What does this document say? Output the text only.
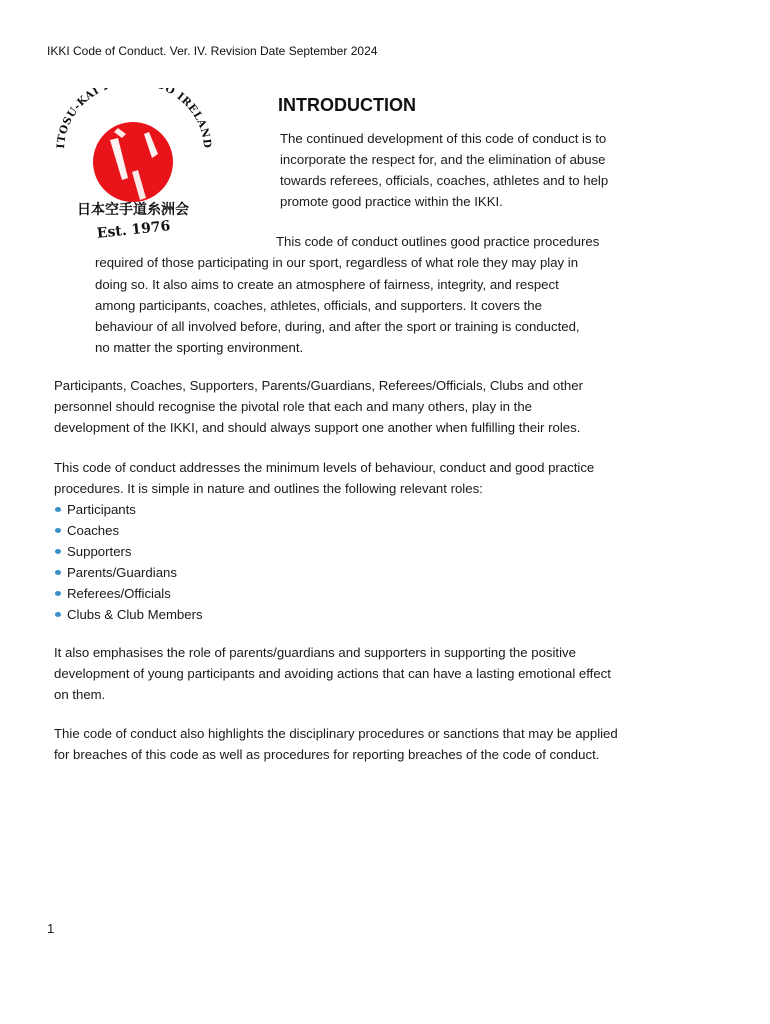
IKKI Code of Conduct. Ver. IV. Revision Date September 2024
ITOSU-KAI O IRELAND
日本空手道糸洲会
Est. 1976
INTRODUCTION
The continued development of this code of conduct is to
incorporate the respect for, and the elimination of abuse
towards referees, officials, coaches, athletes and to help
promote good practice within the IKKI.
This code of conduct outlines good practice procedures
required of those participating in our sport, regardless of what role they may play in
doing so. It also aims to create an atmosphere of fairness, integrity, and respect
among participants, coaches, athletes, officials, and supporters. It covers the
behaviour of all involved before, during, and after the sport or training is conducted,
no matter the sporting environment.
Participants, Coaches, Supporters, Parents/Guardians, Referees/Officials, Clubs and other
personnel should recognise the pivotal role that each and many others, play in the
development of the IKKI, and should always support one another when fulfilling their roles.
This code of conduct addresses the minimum levels of behaviour, conduct and good practice
procedures. It is simple in nature and outlines the following relevant roles:
Participants
Coaches
Supporters
Parents/Guardians
Referees/Officials
Clubs & Club Members
It also emphasises the role of parents/guardians and supporters in supporting the positive
development of young participants and avoiding actions that can have a lasting emotional effect
on them.
Thie code of conduct also highlights the disciplinary procedures or sanctions that may be applied
for breaches of this code as well as procedures for reporting breaches of the code of conduct.
1
